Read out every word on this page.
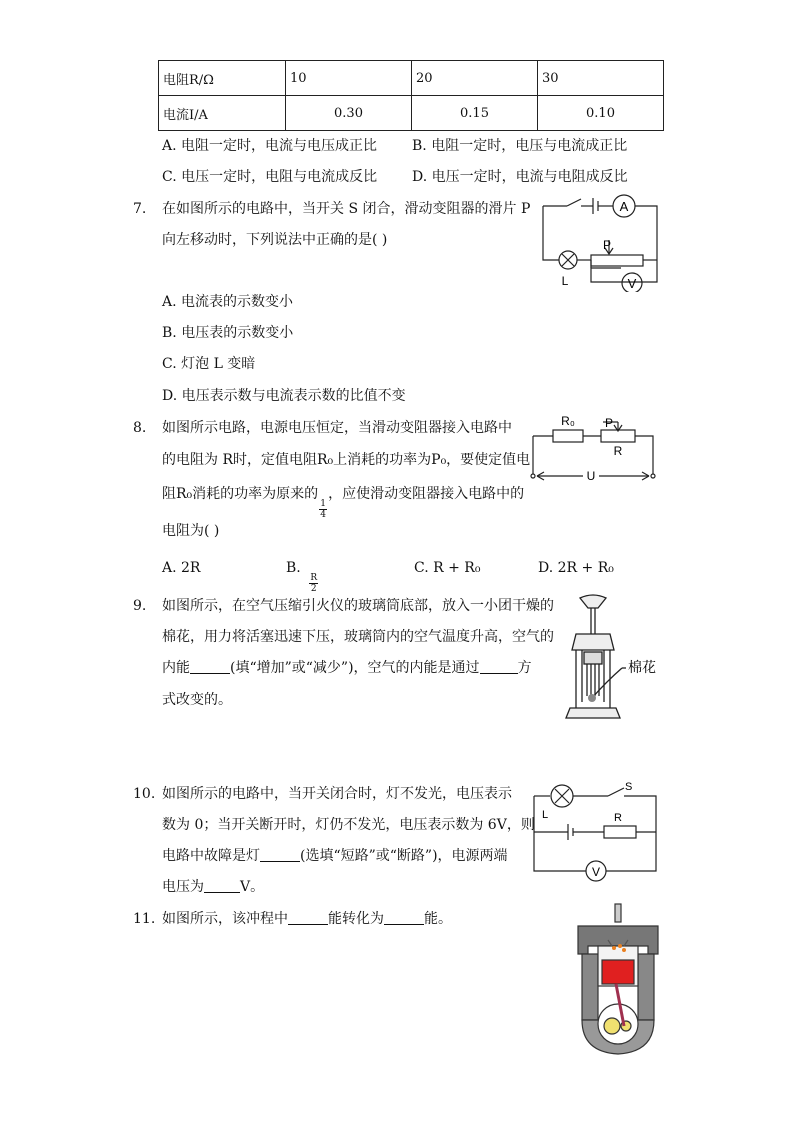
电阻R/Ω	10	20	30
电流I/A	0.30	0.15	0.10
A. 电阻一定时，电流与电压成正比 B. 电阻一定时，电压与电流成正比
C. 电压一定时，电阻与电流成反比 D. 电压一定时，电流与电阻成反比
7. 在如图所示的电路中，当开关 S 闭合，滑动变阻器的滑片 P
向左移动时，下列说法中正确的是( )
A. 电流表的示数变小
B. 电压表的示数变小
C. 灯泡 L 变暗
D. 电压表示数与电流表示数的比值不变
A
V
P
L
8. 如图所示电路，电源电压恒定，当滑动变阻器接入电路中
的电阻为 R时，定值电阻R₀上消耗的功率为P₀，要使定值电
阻R₀消耗的功率为原来的
$\frac{1}{4}$
，应使滑动变阻器接入电路中的
电阻为( )
A. 2R	B.
$\frac{R}{2}$
C. R + R₀	D. 2R + R₀
R₀	P
R
U
9. 如图所示，在空气压缩引火仪的玻璃筒底部，放入一小团干燥的
棉花，用力将活塞迅速下压，玻璃筒内的空气温度升高，空气的
内能	(填“增加”或“减少”)，空气的内能是通过	方
式改变的。
棉花
10. 如图所示的电路中，当开关闭合时，灯不发光，电压表示
数为 0；当开关断开时，灯仍不发光，电压表示数为 6V，则
电路中故障是灯	(选填“短路”或“断路”)，电源两端
电压为	V。
S
L	R
V
11. 如图所示，该冲程中	能转化为	能。
